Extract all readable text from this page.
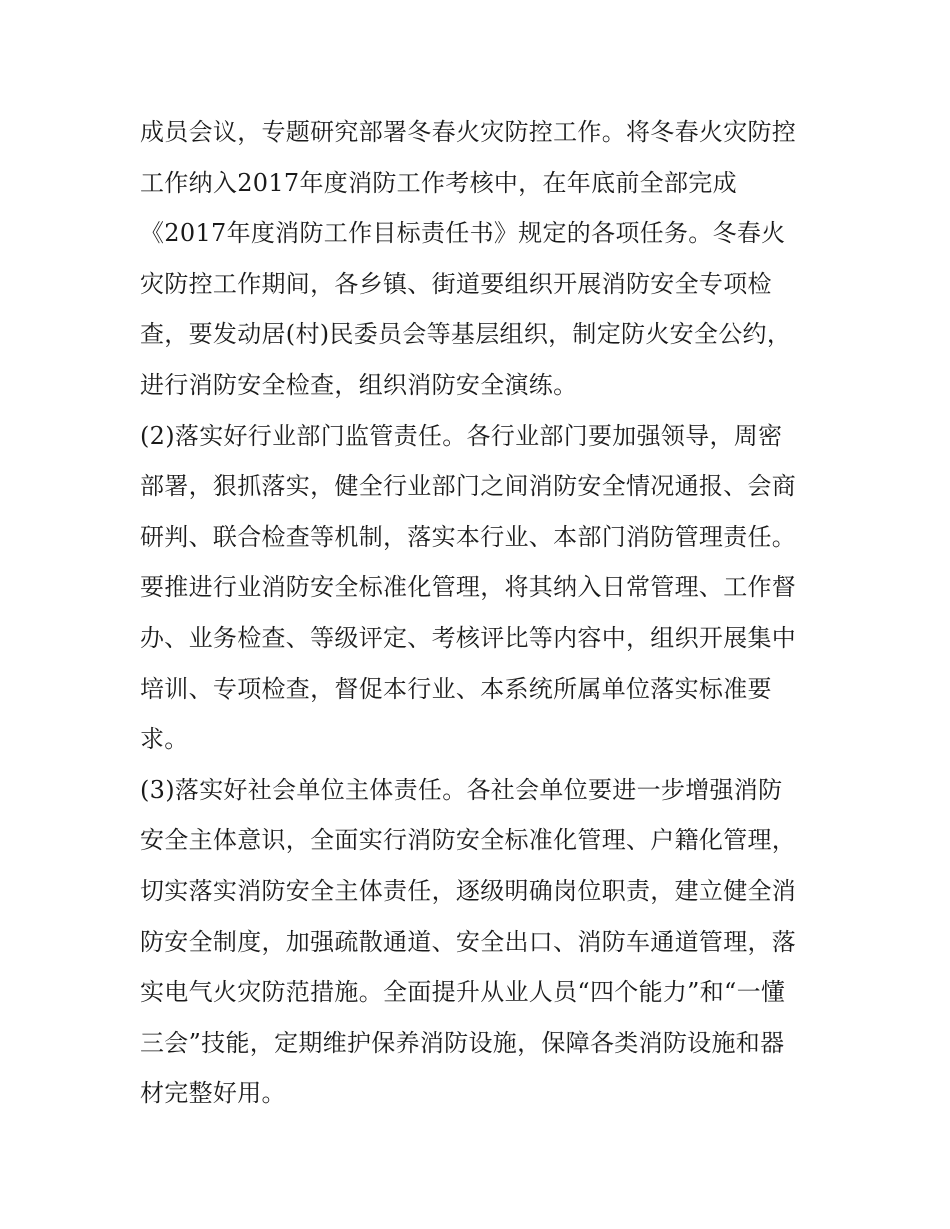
成员会议，专题研究部署冬春火灾防控工作。将冬春火灾防控
工作纳入2017年度消防工作考核中，在年底前全部完成
《2017年度消防工作目标责任书》规定的各项任务。冬春火
灾防控工作期间，各乡镇、街道要组织开展消防安全专项检
查，要发动居(村)民委员会等基层组织，制定防火安全公约，
进行消防安全检查，组织消防安全演练。
(2)落实好行业部门监管责任。各行业部门要加强领导，周密
部署，狠抓落实，健全行业部门之间消防安全情况通报、会商
研判、联合检查等机制，落实本行业、本部门消防管理责任。
要推进行业消防安全标准化管理，将其纳入日常管理、工作督
办、业务检查、等级评定、考核评比等内容中，组织开展集中
培训、专项检查，督促本行业、本系统所属单位落实标准要
求。
(3)落实好社会单位主体责任。各社会单位要进一步增强消防
安全主体意识，全面实行消防安全标准化管理、户籍化管理，
切实落实消防安全主体责任，逐级明确岗位职责，建立健全消
防安全制度，加强疏散通道、安全出口、消防车通道管理，落
实电气火灾防范措施。全面提升从业人员“四个能力”和“一懂
三会”技能，定期维护保养消防设施，保障各类消防设施和器
材完整好用。
